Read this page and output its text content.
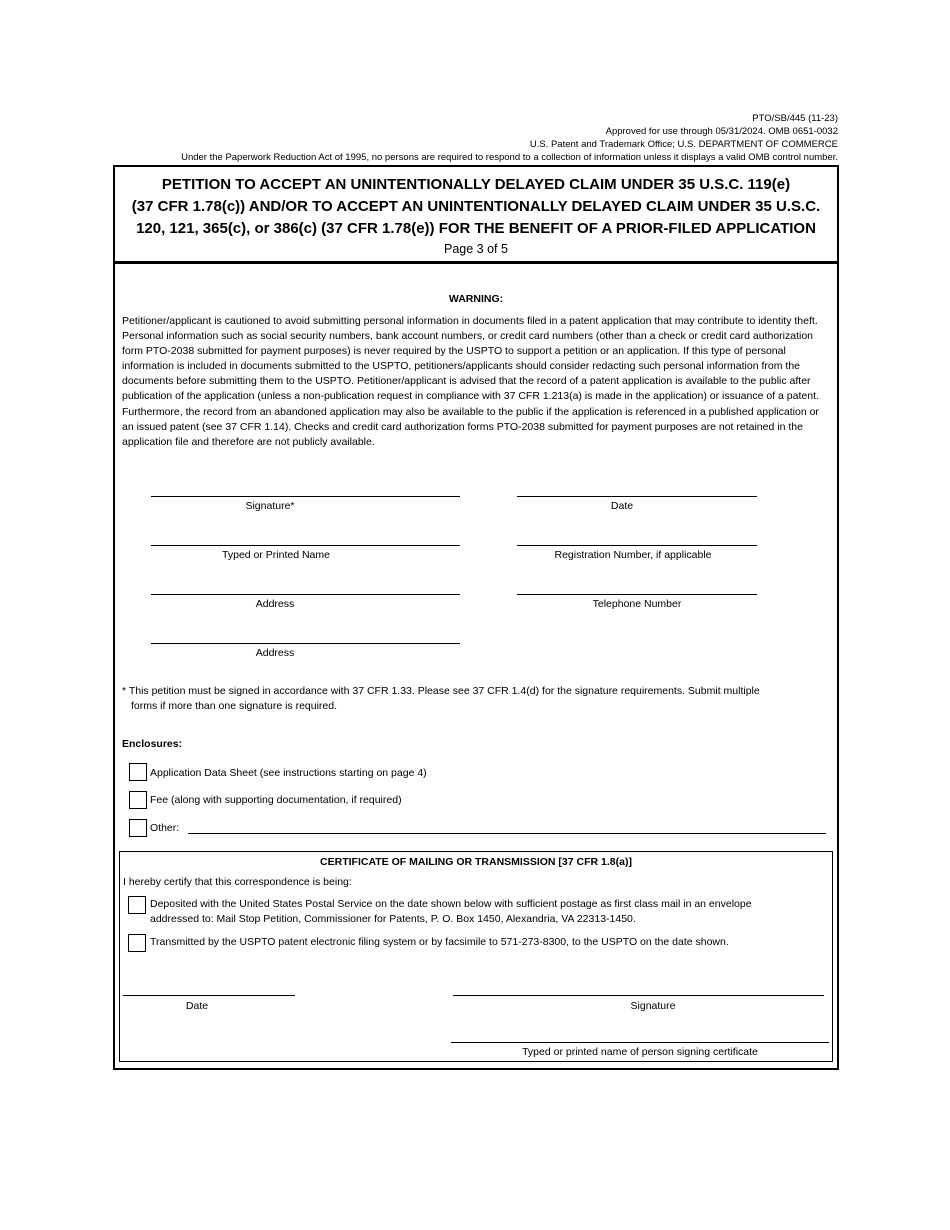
PTO/SB/445 (11-23)
Approved for use through 05/31/2024. OMB 0651-0032
U.S. Patent and Trademark Office; U.S. DEPARTMENT OF COMMERCE
Under the Paperwork Reduction Act of 1995, no persons are required to respond to a collection of information unless it displays a valid OMB control number.
PETITION TO ACCEPT AN UNINTENTIONALLY DELAYED CLAIM UNDER 35 U.S.C. 119(e)
(37 CFR 1.78(c)) AND/OR TO ACCEPT AN UNINTENTIONALLY DELAYED CLAIM UNDER 35 U.S.C.
120, 121, 365(c), or 386(c) (37 CFR 1.78(e)) FOR THE BENEFIT OF A PRIOR-FILED APPLICATION
Page 3 of 5
WARNING:
Petitioner/applicant is cautioned to avoid submitting personal information in documents filed in a patent application that may contribute to identity theft. Personal information such as social security numbers, bank account numbers, or credit card numbers (other than a check or credit card authorization form PTO-2038 submitted for payment purposes) is never required by the USPTO to support a petition or an application. If this type of personal information is included in documents submitted to the USPTO, petitioners/applicants should consider redacting such personal information from the documents before submitting them to the USPTO. Petitioner/applicant is advised that the record of a patent application is available to the public after publication of the application (unless a non-publication request in compliance with 37 CFR 1.213(a) is made in the application) or issuance of a patent. Furthermore, the record from an abandoned application may also be available to the public if the application is referenced in a published application or an issued patent (see 37 CFR 1.14). Checks and credit card authorization forms PTO-2038 submitted for payment purposes are not retained in the application file and therefore are not publicly available.
Signature*	Date
Typed or Printed Name	Registration Number, if applicable
Address	Telephone Number
Address
* This petition must be signed in accordance with 37 CFR 1.33. Please see 37 CFR 1.4(d) for the signature requirements. Submit multiple
forms if more than one signature is required.
Enclosures:
Application Data Sheet (see instructions starting on page 4)
Fee (along with supporting documentation, if required)
Other:
CERTIFICATE OF MAILING OR TRANSMISSION [37 CFR 1.8(a)]
I hereby certify that this correspondence is being:
Deposited with the United States Postal Service on the date shown below with sufficient postage as first class mail in an envelope
addressed to: Mail Stop Petition, Commissioner for Patents, P. O. Box 1450, Alexandria, VA 22313-1450.
Transmitted by the USPTO patent electronic filing system or by facsimile to 571-273-8300, to the USPTO on the date shown.
Date	Signature
Typed or printed name of person signing certificate
